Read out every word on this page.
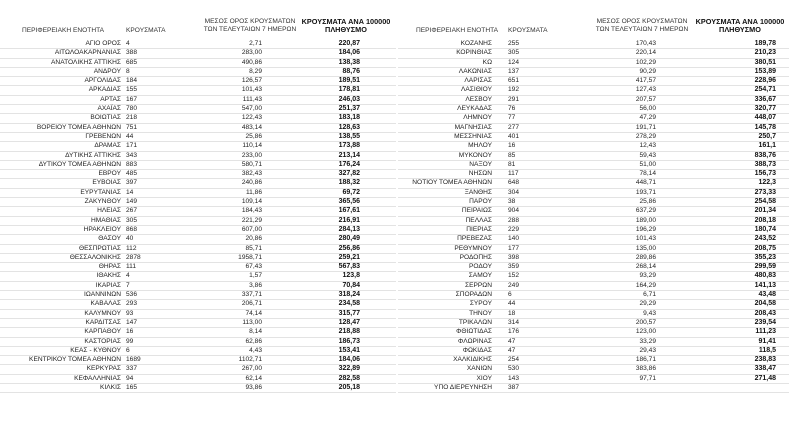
ΠΕΡΙΦΕΡΕΙΑΚΗ ΕΝΟΤΗΤΑ	ΚΡΟΥΣΜΑΤΑ
ΜΕΣΟΣ ΟΡΟΣ ΚΡΟΥΣΜΑΤΩΝ
ΤΩΝ ΤΕΛΕΥΤΑΙΩΝ 7 ΗΜΕΡΩΝ
ΚΡΟΥΣΜΑΤΑ ΑΝΑ 100000
ΠΛΗΘΥΣΜΟ	ΠΕΡΙΦΕΡΕΙΑΚΗ ΕΝΟΤΗΤΑ	ΚΡΟΥΣΜΑΤΑ
ΜΕΣΟΣ ΟΡΟΣ ΚΡΟΥΣΜΑΤΩΝ
ΤΩΝ ΤΕΛΕΥΤΑΙΩΝ 7 ΗΜΕΡΩΝ
ΚΡΟΥΣΜΑΤΑ ΑΝΑ 100000
ΠΛΗΘΥΣΜΟ
ΑΓΙΟ ΟΡΟΣ 4	2,71	220,87
ΑΙΤΩΛΟΑΚΑΡΝΑΝΙΑΣ 388	283,00	184,06
ΑΝΑΤΟΛΙΚΗΣ ΑΤΤΙΚΗΣ 685	490,86	138,38
ΑΝΔΡΟΥ 8	8,29	88,76
ΑΡΓΟΛΙΔΑΣ 184	126,57	189,51
ΑΡΚΑΔΙΑΣ 155	101,43	178,81
ΑΡΤΑΣ 167	111,43	246,03
ΑΧΑΪΑΣ 780	547,00	251,37
ΒΟΙΩΤΙΑΣ 218	122,43	183,18
ΒΟΡΕΙΟΥ ΤΟΜΕΑ ΑΘΗΝΩΝ 751	483,14	128,63
ΓΡΕΒΕΝΩΝ 44	25,86	138,55
ΔΡΑΜΑΣ 171	110,14	173,88
ΔΥΤΙΚΗΣ ΑΤΤΙΚΗΣ 343	233,00	213,14
ΔΥΤΙΚΟΥ ΤΟΜΕΑ ΑΘΗΝΩΝ 883	580,71	176,24
ΕΒΡΟΥ 485	382,43	327,82
ΕΥΒΟΙΑΣ 397	240,86	188,32
ΕΥΡΥΤΑΝΙΑΣ 14	11,86	69,72
ΖΑΚΥΝΘΟΥ 149	109,14	365,56
ΗΛΕΙΑΣ 267	184,43	167,61
ΗΜΑΘΙΑΣ 305	221,29	216,91
ΗΡΑΚΛΕΙΟΥ 868	607,00	284,13
ΘΑΣΟΥ 40	20,86	280,49
ΘΕΣΠΡΩΤΙΑΣ 112	85,71	256,86
ΘΕΣΣΑΛΟΝΙΚΗΣ 2878	1958,71	259,21
ΘΗΡΑΣ 111	67,43	567,83
ΙΘΑΚΗΣ 4	1,57	123,8
ΙΚΑΡΙΑΣ 7	3,86	70,84
ΙΩΑΝΝΙΝΩΝ 536	337,71	318,24
ΚΑΒΑΛΑΣ 293	206,71	234,58
ΚΑΛΥΜΝΟΥ 93	74,14	315,77
ΚΑΡΔΙΤΣΑΣ 147	113,00	128,47
ΚΑΡΠΑΘΟΥ 16	8,14	218,88
ΚΑΣΤΟΡΙΑΣ 99	62,86	186,73
ΚΕΑΣ - ΚΥΘΝΟΥ 6	4,43	153,41
ΚΕΝΤΡΙΚΟΥ ΤΟΜΕΑ ΑΘΗΝΩΝ 1689	1102,71	184,06
ΚΕΡΚΥΡΑΣ 337	267,00	322,89
ΚΕΦΑΛΛΗΝΙΑΣ 94	62,14	282,58
ΚΙΛΚΙΣ 165	93,86	205,18
ΚΟΖΑΝΗΣ 255	170,43	189,78
ΚΟΡΙΝΘΙΑΣ 305	220,14	210,23
ΚΩ 124	102,29	380,51
ΛΑΚΩΝΙΑΣ 137	90,29	153,89
ΛΑΡΙΣΑΣ 651	417,57	228,96
ΛΑΣΙΘΙΟΥ 192	127,43	254,71
ΛΕΣΒΟΥ 291	207,57	336,67
ΛΕΥΚΑΔΑΣ 76	56,00	320,77
ΛΗΜΝΟΥ 77	47,29	448,07
ΜΑΓΝΗΣΙΑΣ 277	191,71	145,78
ΜΕΣΣΗΝΙΑΣ 401	278,29	250,7
ΜΗΛΟΥ 16	12,43	161,1
ΜΥΚΟΝΟΥ 85	59,43	838,76
ΝΑΞΟΥ 81	51,00	388,73
ΝΗΣΩΝ 117	78,14	156,73
ΝΟΤΙΟΥ ΤΟΜΕΑ ΑΘΗΝΩΝ 648	448,71	122,3
ΞΑΝΘΗΣ 304	193,71	273,33
ΠΑΡΟΥ 38	25,86	254,58
ΠΕΙΡΑΙΩΣ 904	637,29	201,34
ΠΕΛΛΑΣ 288	189,00	208,18
ΠΙΕΡΙΑΣ 229	196,29	180,74
ΠΡΕΒΕΖΑΣ 140	101,43	243,52
ΡΕΘΥΜΝΟΥ 177	135,00	208,75
ΡΟΔΟΠΗΣ 398	289,86	355,23
ΡΟΔΟΥ 359	268,14	299,59
ΣΑΜΟΥ 152	93,29	480,83
ΣΕΡΡΩΝ 249	164,29	141,13
ΣΠΟΡΑΔΩΝ 6	6,71	43,48
ΣΥΡΟΥ 44	29,29	204,58
ΤΗΝΟΥ 18	9,43	208,43
ΤΡΙΚΑΛΩΝ 314	200,57	239,54
ΦΘΙΩΤΙΔΑΣ 176	123,00	111,23
ΦΛΩΡΙΝΑΣ 47	33,29	91,41
ΦΩΚΙΔΑΣ 47	29,43	118,5
ΧΑΛΚΙΔΙΚΗΣ 254	186,71	238,83
ΧΑΝΙΩΝ 530	383,86	338,47
ΧΙΟΥ 143	97,71	271,48
ΥΠΟ ΔΙΕΡΕΥΝΗΣΗ 387
